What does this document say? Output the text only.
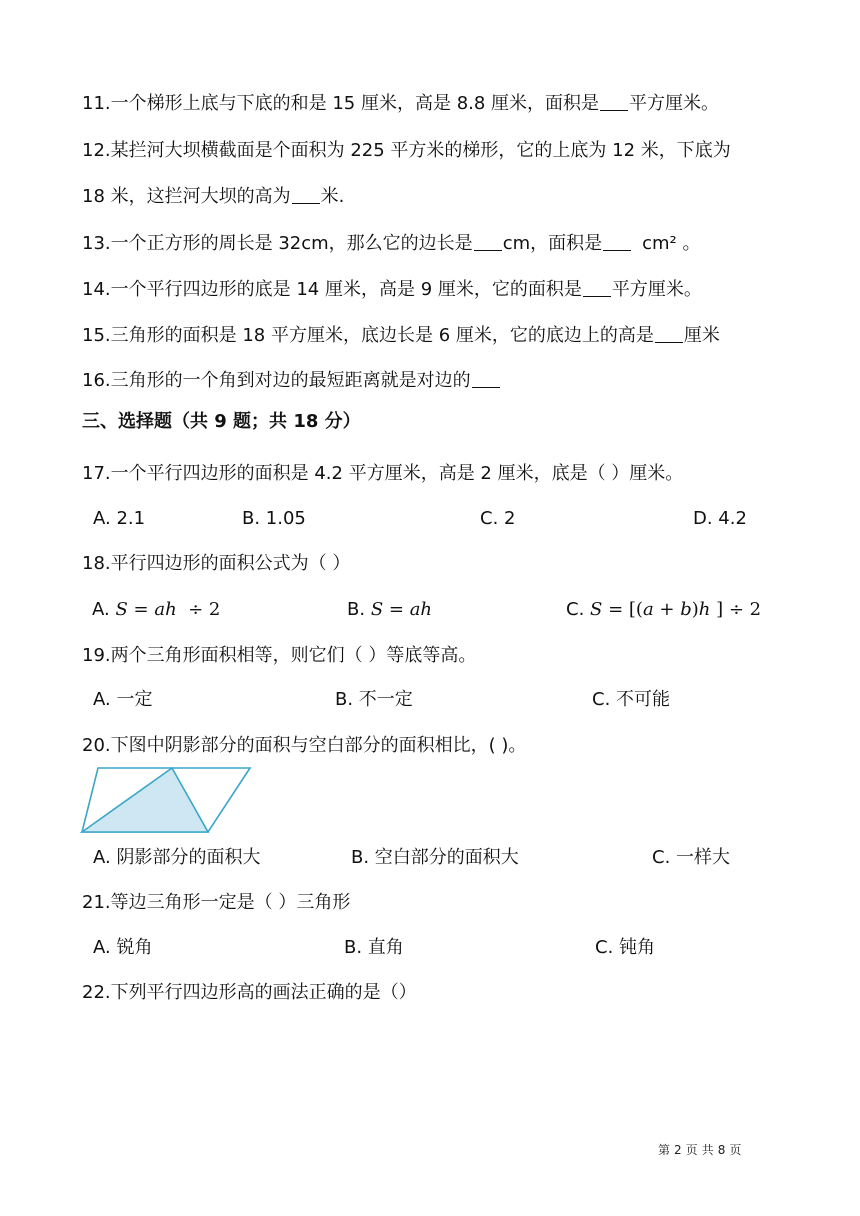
11.一个梯形上底与下底的和是 15 厘米，高是 8.8 厘米，面积是 平方厘米。
12.某拦河大坝横截面是个面积为 225 平方米的梯形，它的上底为 12 米，下底为
18 米，这拦河大坝的高为 米.
13.一个正方形的周长是 32cm，那么它的边长是 cm，面积是 cm² 。
14.一个平行四边形的底是 14 厘米，高是 9 厘米，它的面积是 平方厘米。
15.三角形的面积是 18 平方厘米，底边长是 6 厘米，它的底边上的高是 厘米
16.三角形的一个角到对边的最短距离就是对边的
三、选择题（共 9 题；共 18 分）
17.一个平行四边形的面积是 4.2 平方厘米，高是 2 厘米，底是（ ）厘米。
A. 2.1	B. 1.05	C. 2	D. 4.2
18.平行四边形的面积公式为（ ）
A. S = ah  ÷ 2	B. S = ah	C. S = [(a + b)h ] ÷ 2
19.两个三角形面积相等，则它们（ ）等底等高。
A. 一定	B. 不一定	C. 不可能
20.下图中阴影部分的面积与空白部分的面积相比，( )。
A. 阴影部分的面积大	B. 空白部分的面积大	C. 一样大
21.等边三角形一定是（ ）三角形
A. 锐角	B. 直角	C. 钝角
22.下列平行四边形高的画法正确的是（）
第 2 页 共 8 页
